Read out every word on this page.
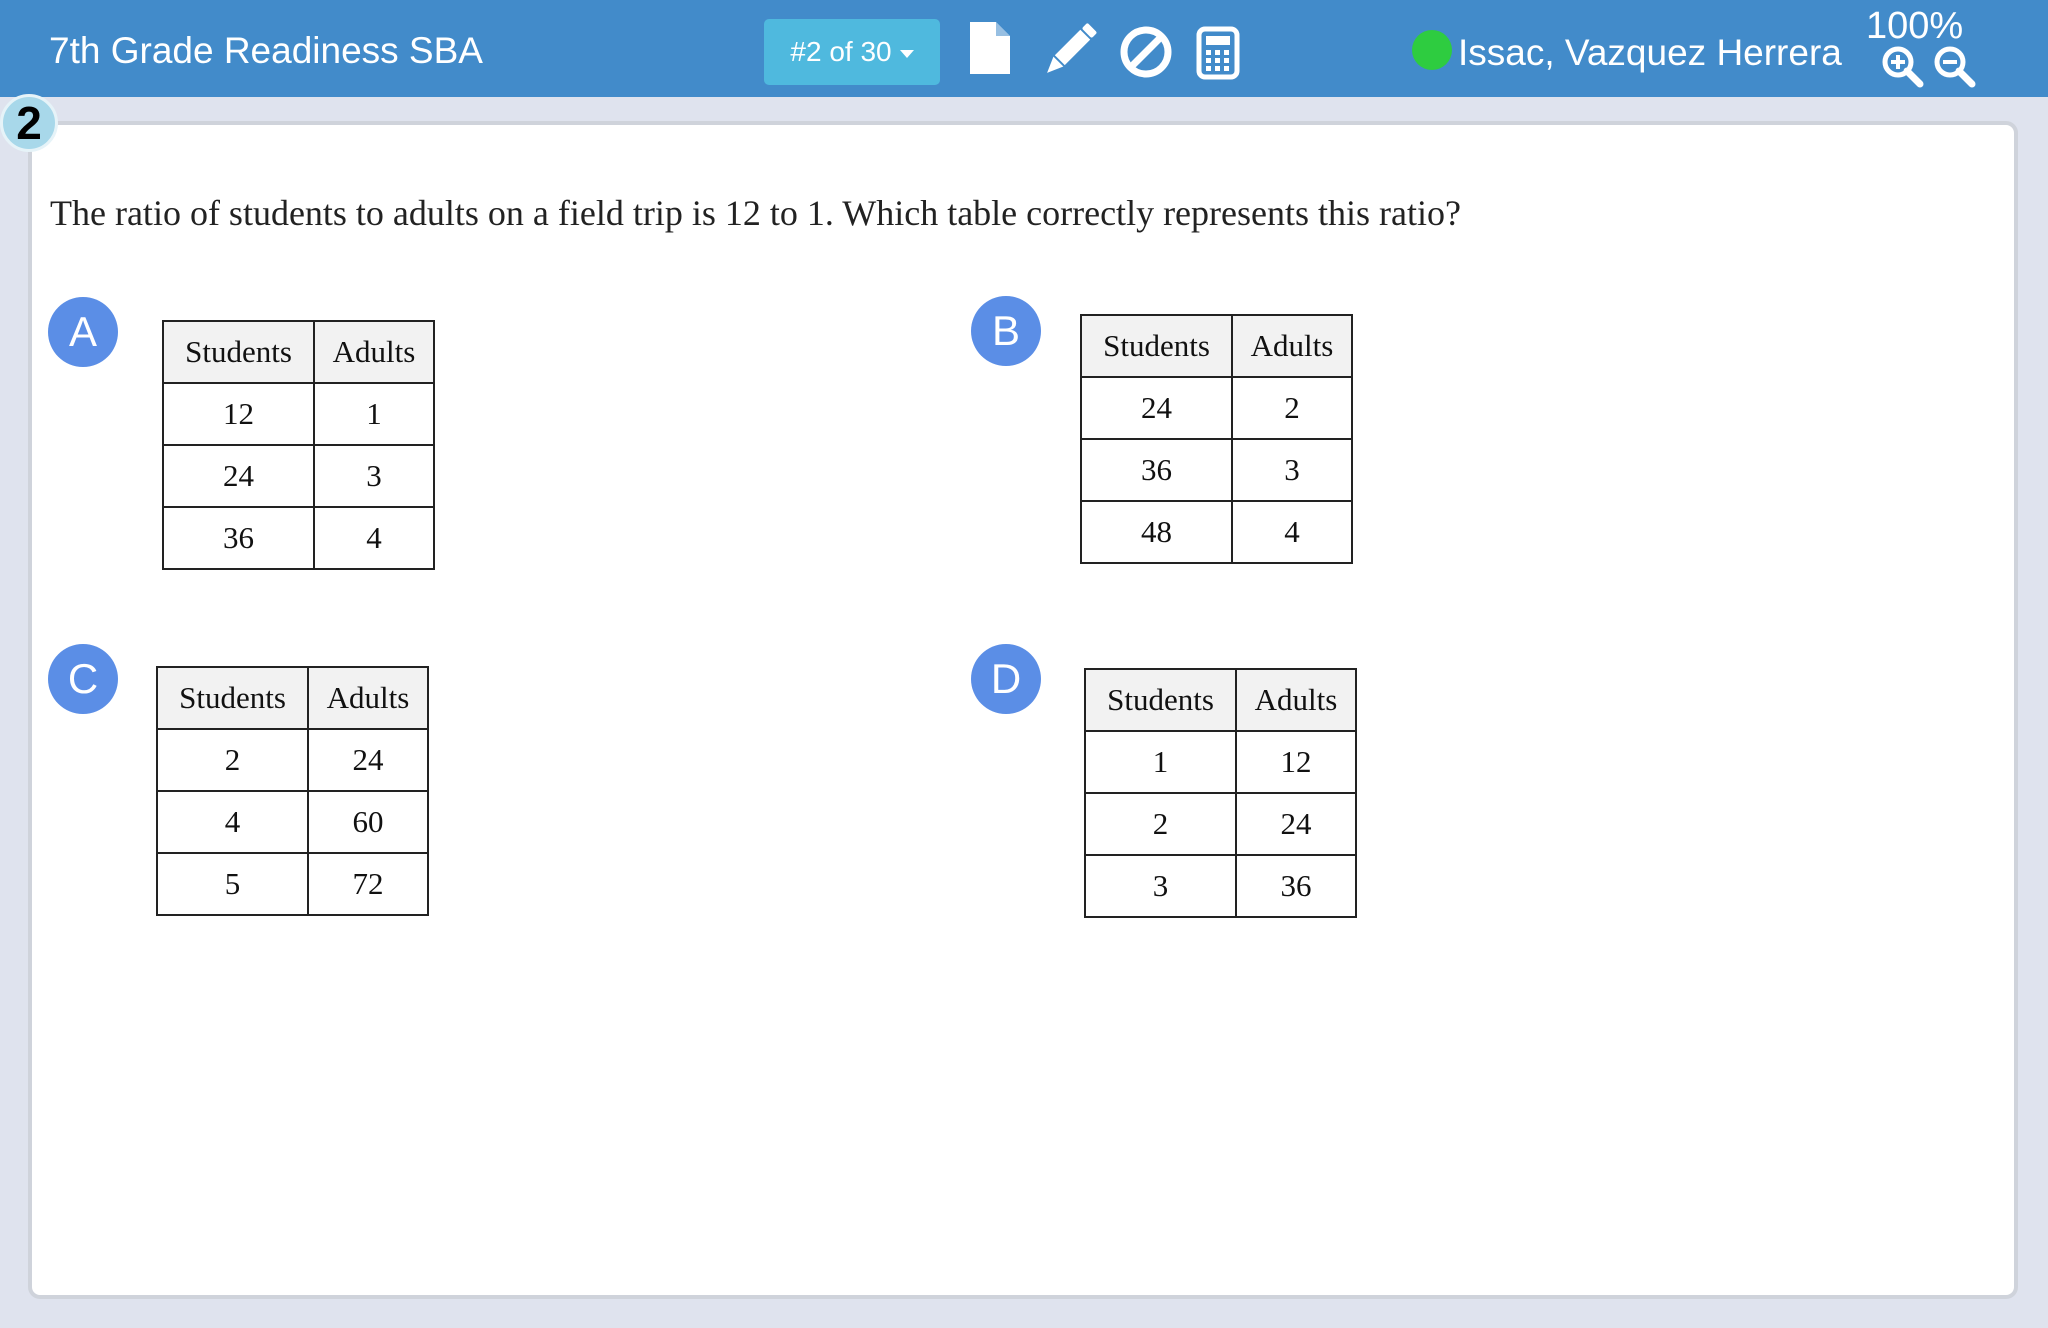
7th Grade Readiness SBA	#2 of 30	Issac, Vazquez Herrera
100%
2
The ratio of students to adults on a field trip is 12 to 1. Which table correctly represents this ratio?
A	Students	Adults
12	1
24	3
36	4
B	Students	Adults
24	2
36	3
48	4
C	Students	Adults
2	24
4	60
5	72
D	Students	Adults
1	12
2	24
3	36
